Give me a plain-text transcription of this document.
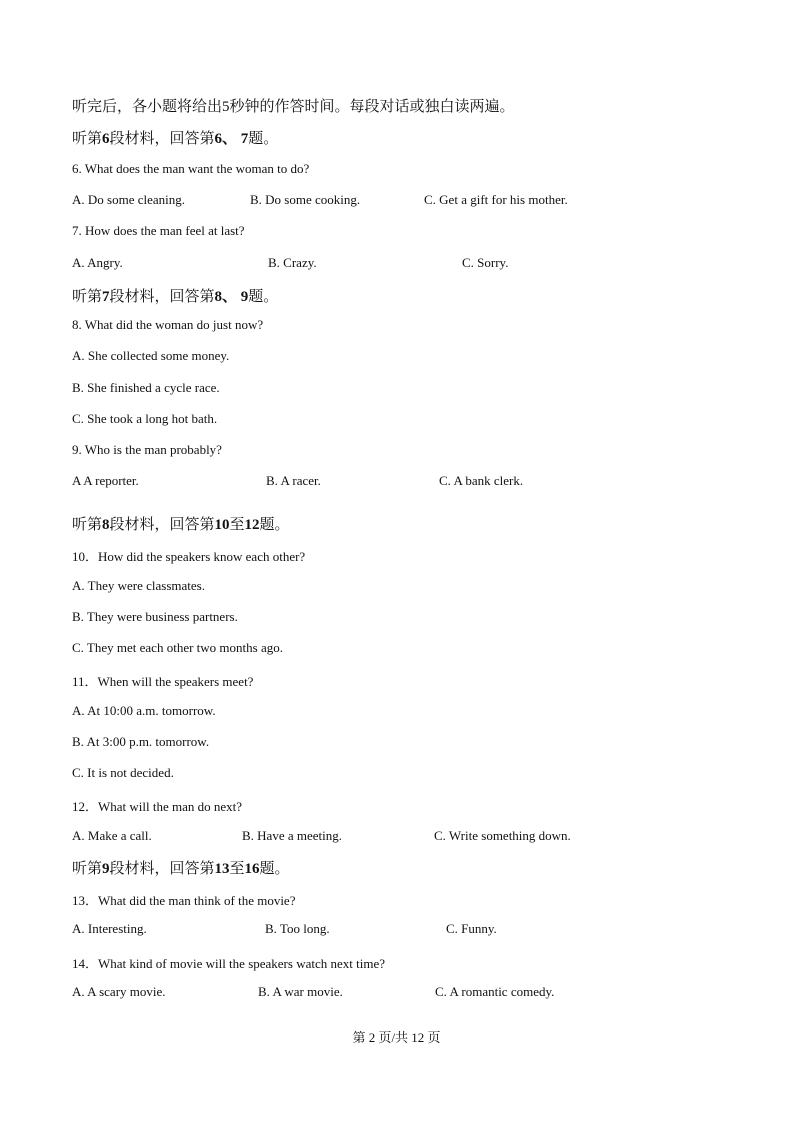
听完后，各小题将给出5秒钟的作答时间。每段对话或独白读两遍。
听第6段材料，回答第6、 7题。
6. What does the man want the woman to do?
A. Do some cleaning.	B. Do some cooking.	C. Get a gift for his mother.
7. How does the man feel at last?
A. Angry.	B. Crazy.	C. Sorry.
听第7段材料，回答第8、 9题。
8. What did the woman do just now?
A. She collected some money.
B. She finished a cycle race.
C. She took a long hot bath.
9. Who is the man probably?
A A reporter.	B. A racer.	C. A bank clerk.
听第8段材料，回答第10至12题。
10．How did the speakers know each other?
A. They were classmates.
B. They were business partners.
C. They met each other two months ago.
11．When will the speakers meet?
A. At 10:00 a.m. tomorrow.
B. At 3:00 p.m. tomorrow.
C. It is not decided.
12．What will the man do next?
A. Make a call.	B. Have a meeting.	C. Write something down.
听第9段材料，回答第13至16题。
13．What did the man think of the movie?
A. Interesting.	B. Too long.	C. Funny.
14．What kind of movie will the speakers watch next time?
A. A scary movie.	B. A war movie.	C. A romantic comedy.
第 2 页/共 12 页
